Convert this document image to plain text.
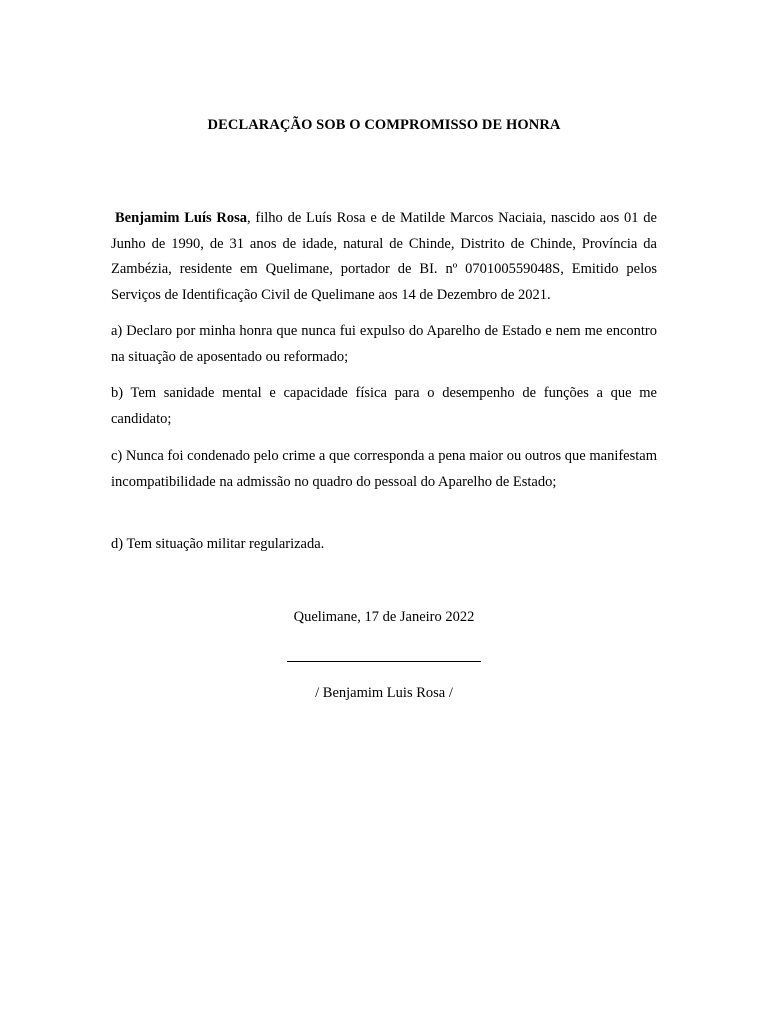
DECLARAÇÃO SOB O COMPROMISSO DE HONRA

Benjamim Luís Rosa, filho de Luís Rosa e de Matilde Marcos Naciaia, nascido aos 01 de Junho de 1990, de 31 anos de idade, natural de Chinde, Distrito de Chinde, Província da Zambézia, residente em Quelimane, portador de BI. nº 070100559048S, Emitido pelos Serviços de Identificação Civil de Quelimane aos 14 de Dezembro de 2021.

a) Declaro por minha honra que nunca fui expulso do Aparelho de Estado e nem me encontro na situação de aposentado ou reformado;

b) Tem sanidade mental e capacidade física para o desempenho de funções a que me candidato;

c) Nunca foi condenado pelo crime a que corresponda a pena maior ou outros que manifestam incompatibilidade na admissão no quadro do pessoal do Aparelho de Estado;

d) Tem situação militar regularizada.

Quelimane, 17 de Janeiro 2022
/ Benjamim Luis Rosa /
